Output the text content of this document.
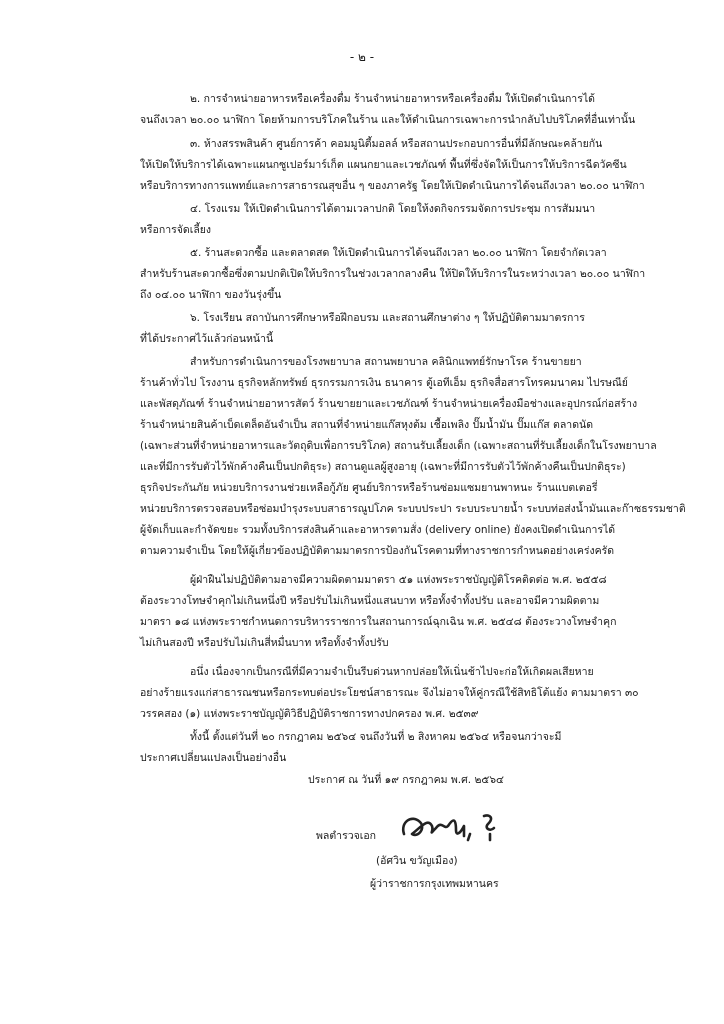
- ๒ -
๒. การจำหน่ายอาหารหรือเครื่องดื่ม ร้านจำหน่ายอาหารหรือเครื่องดื่ม ให้เปิดดำเนินการได้
จนถึงเวลา ๒๐.๐๐ นาฬิกา โดยห้ามการบริโภคในร้าน และให้ดำเนินการเฉพาะการนำกลับไปบริโภคที่อื่นเท่านั้น
๓. ห้างสรรพสินค้า ศูนย์การค้า คอมมูนิตี้มอลล์ หรือสถานประกอบการอื่นที่มีลักษณะคล้ายกัน
ให้เปิดให้บริการได้เฉพาะแผนกซูเปอร์มาร์เก็ต แผนกยาและเวชภัณฑ์ พื้นที่ซึ่งจัดให้เป็นการให้บริการฉีดวัคซีน
หรือบริการทางการแพทย์และการสาธารณสุขอื่น ๆ ของภาครัฐ โดยให้เปิดดำเนินการได้จนถึงเวลา ๒๐.๐๐ นาฬิกา
๔. โรงแรม ให้เปิดดำเนินการได้ตามเวลาปกติ โดยให้งดกิจกรรมจัดการประชุม การสัมมนา
หรือการจัดเลี้ยง
๕. ร้านสะดวกซื้อ และตลาดสด ให้เปิดดำเนินการได้จนถึงเวลา ๒๐.๐๐ นาฬิกา โดยจำกัดเวลา
สำหรับร้านสะดวกซื้อซึ่งตามปกติเปิดให้บริการในช่วงเวลากลางคืน ให้ปิดให้บริการในระหว่างเวลา ๒๐.๐๐ นาฬิกา
ถึง ๐๔.๐๐ นาฬิกา ของวันรุ่งขึ้น
๖. โรงเรียน สถาบันการศึกษาหรือฝึกอบรม และสถานศึกษาต่าง ๆ ให้ปฏิบัติตามมาตรการ
ที่ได้ประกาศไว้แล้วก่อนหน้านี้
สำหรับการดำเนินการของโรงพยาบาล สถานพยาบาล คลินิกแพทย์รักษาโรค ร้านขายยา
ร้านค้าทั่วไป โรงงาน ธุรกิจหลักทรัพย์ ธุรกรรมการเงิน ธนาคาร ตู้เอทีเอ็ม ธุรกิจสื่อสารโทรคมนาคม ไปรษณีย์
และพัสดุภัณฑ์ ร้านจำหน่ายอาหารสัตว์ ร้านขายยาและเวชภัณฑ์ ร้านจำหน่ายเครื่องมือช่างและอุปกรณ์ก่อสร้าง
ร้านจำหน่ายสินค้าเบ็ดเตล็ดอันจำเป็น สถานที่จำหน่ายแก๊สหุงต้ม เชื้อเพลิง ปั๊มน้ำมัน ปั๊มแก๊ส ตลาดนัด
(เฉพาะส่วนที่จำหน่ายอาหารและวัตถุดิบเพื่อการบริโภค) สถานรับเลี้ยงเด็ก (เฉพาะสถานที่รับเลี้ยงเด็กในโรงพยาบาล
และที่มีการรับตัวไว้พักค้างคืนเป็นปกติธุระ) สถานดูแลผู้สูงอายุ (เฉพาะที่มีการรับตัวไว้พักค้างคืนเป็นปกติธุระ)
ธุรกิจประกันภัย หน่วยบริการงานช่วยเหลือกู้ภัย ศูนย์บริการหรือร้านซ่อมแซมยานพาหนะ ร้านแบตเตอรี่
หน่วยบริการตรวจสอบหรือซ่อมบำรุงระบบสาธารณูปโภค ระบบประปา ระบบระบายน้ำ ระบบท่อส่งน้ำมันและก๊าซธรรมชาติ
ผู้จัดเก็บและกำจัดขยะ รวมทั้งบริการส่งสินค้าและอาหารตามสั่ง (delivery online) ยังคงเปิดดำเนินการได้
ตามความจำเป็น โดยให้ผู้เกี่ยวข้องปฏิบัติตามมาตรการป้องกันโรคตามที่ทางราชการกำหนดอย่างเคร่งครัด
ผู้ฝ่าฝืนไม่ปฏิบัติตามอาจมีความผิดตามมาตรา ๕๑ แห่งพระราชบัญญัติโรคติดต่อ พ.ศ. ๒๕๕๘
ต้องระวางโทษจำคุกไม่เกินหนึ่งปี หรือปรับไม่เกินหนึ่งแสนบาท หรือทั้งจำทั้งปรับ และอาจมีความผิดตาม
มาตรา ๑๘ แห่งพระราชกำหนดการบริหารราชการในสถานการณ์ฉุกเฉิน พ.ศ. ๒๕๔๘ ต้องระวางโทษจำคุก
ไม่เกินสองปี หรือปรับไม่เกินสี่หมื่นบาท หรือทั้งจำทั้งปรับ
อนึ่ง เนื่องจากเป็นกรณีที่มีความจำเป็นรีบด่วนหากปล่อยให้เนิ่นช้าไปจะก่อให้เกิดผลเสียหาย
อย่างร้ายแรงแก่สาธารณชนหรือกระทบต่อประโยชน์สาธารณะ จึงไม่อาจให้คู่กรณีใช้สิทธิโต้แย้ง ตามมาตรา ๓๐
วรรคสอง (๑) แห่งพระราชบัญญัติวิธีปฏิบัติราชการทางปกครอง พ.ศ. ๒๕๓๙
ทั้งนี้ ตั้งแต่วันที่ ๒๐ กรกฎาคม ๒๕๖๔ จนถึงวันที่ ๒ สิงหาคม ๒๕๖๔ หรือจนกว่าจะมี
ประกาศเปลี่ยนแปลงเป็นอย่างอื่น
ประกาศ ณ วันที่ ๑๙ กรกฎาคม พ.ศ. ๒๕๖๔
พลตำรวจเอก
(อัศวิน ขวัญเมือง)
ผู้ว่าราชการกรุงเทพมหานคร
